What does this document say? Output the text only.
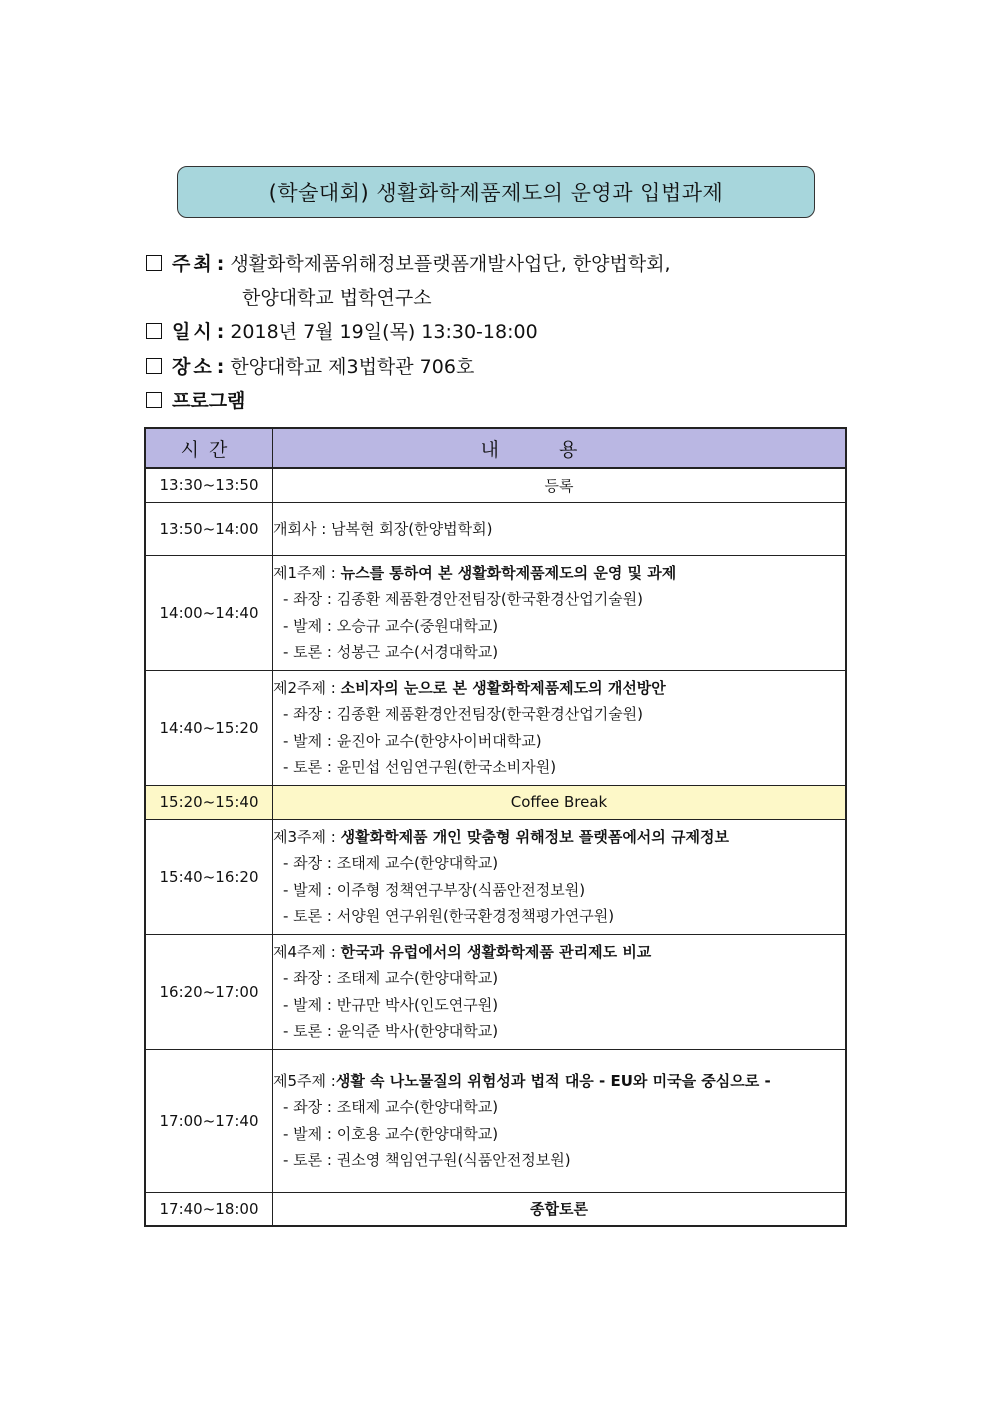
(학술대회) 생활화학제품제도의 운영과 입법과제
주최 : 생활화학제품위해정보플랫폼개발사업단, 한양법학회,
한양대학교 법학연구소
일시 : 2018년 7월 19일(목) 13:30-18:00
장소 : 한양대학교 제3법학관 706호
프로그램
시간	내용
13:30~13:50	등록
13:50~14:00	개회사 : 남복현 회장(한양법학회)
14:00~14:40	제1주제 : 뉴스를 통하여 본 생활화학제품제도의 운영 및 과제
- 좌장 : 김종환 제품환경안전팀장(한국환경산업기술원)
- 발제 : 오승규 교수(중원대학교)
- 토론 : 성봉근 교수(서경대학교)

14:40~15:20	제2주제 : 소비자의 눈으로 본 생활화학제품제도의 개선방안
- 좌장 : 김종환 제품환경안전팀장(한국환경산업기술원)
- 발제 : 윤진아 교수(한양사이버대학교)
- 토론 : 윤민섭 선임연구원(한국소비자원)

15:20~15:40	Coffee Break
15:40~16:20	제3주제 : 생활화학제품 개인 맞춤형 위해정보 플랫폼에서의 규제정보
- 좌장 : 조태제 교수(한양대학교)
- 발제 : 이주형 정책연구부장(식품안전정보원)
- 토론 : 서양원 연구위원(한국환경정책평가연구원)

16:20~17:00	제4주제 : 한국과 유럽에서의 생활화학제품 관리제도 비교
- 좌장 : 조태제 교수(한양대학교)
- 발제 : 반규만 박사(인도연구원)
- 토론 : 윤익준 박사(한양대학교)

17:00~17:40	제5주제 : 생활 속 나노물질의 위험성과 법적 대응 - EU와 미국을 중심으로 -
- 좌장 : 조태제 교수(한양대학교)
- 발제 : 이호용 교수(한양대학교)
- 토론 : 권소영 책임연구원(식품안전정보원)

17:40~18:00	종합토론
